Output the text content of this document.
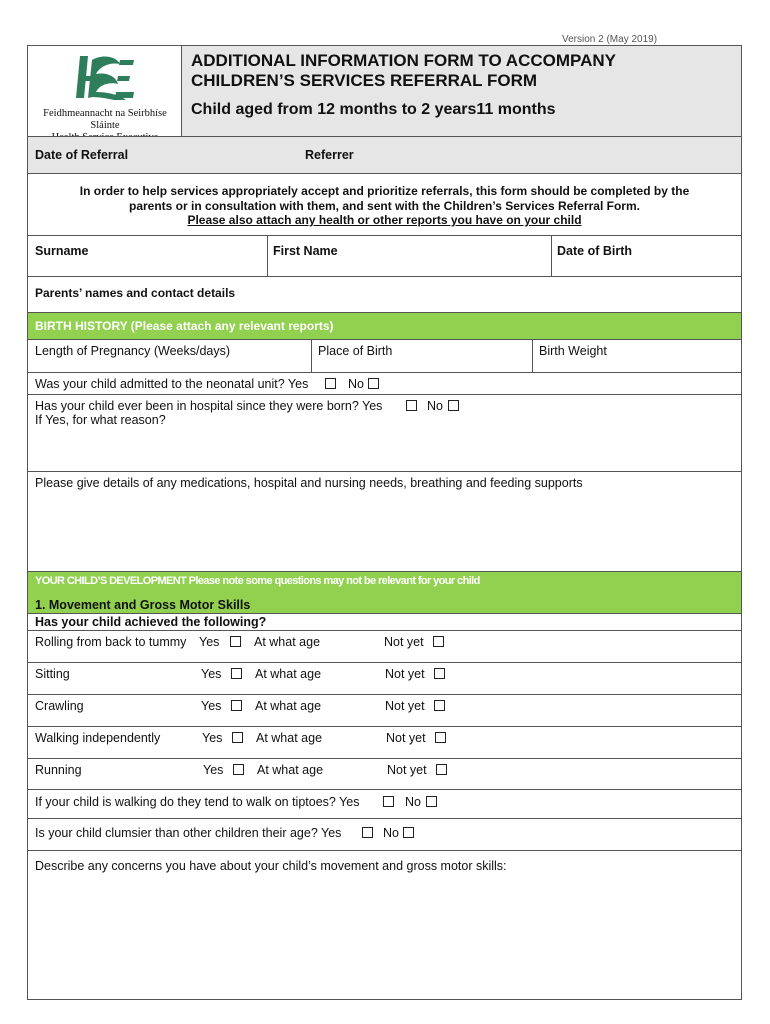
Version 2 (May 2019)
Feidhmeannacht na Seirbhíse Sláinte
ADDITIONAL INFORMATION FORM TO ACCOMPANY
CHILDREN’S SERVICES REFERRAL FORM
Child aged from 12 months to 2 years11 months
Date of Referral	Referrer
In order to help services appropriately accept and prioritize referrals, this form should be completed by the
parents or in consultation with them, and sent with the Children’s Services Referral Form.
Please also attach any health or other reports you have on your child
Surname	First Name	Date of Birth
Parents’ names and contact details
BIRTH HISTORY (Please attach any relevant reports)
Length of Pregnancy (Weeks/days)	Place of Birth	Birth Weight
Was your child admitted to the neonatal unit? Yes	No
Has your child ever been in hospital since they were born? Yes	No
If Yes, for what reason?
Please give details of any medications, hospital and nursing needs, breathing and feeding supports
YOUR CHILD’S DEVELOPMENT Please note some questions may not be relevant for your child
1. Movement and Gross Motor Skills
Has your child achieved the following?
Rolling from back to tummy Yes	At what age	Not yet
Sitting	Yes	At what age	Not yet
Crawling	Yes	At what age	Not yet
Walking independently	Yes	At what age	Not yet
Running	Yes	At what age	Not yet
If your child is walking do they tend to walk on tiptoes? Yes	No
Is your child clumsier than other children their age? Yes	No
Describe any concerns you have about your child’s movement and gross motor skills:
